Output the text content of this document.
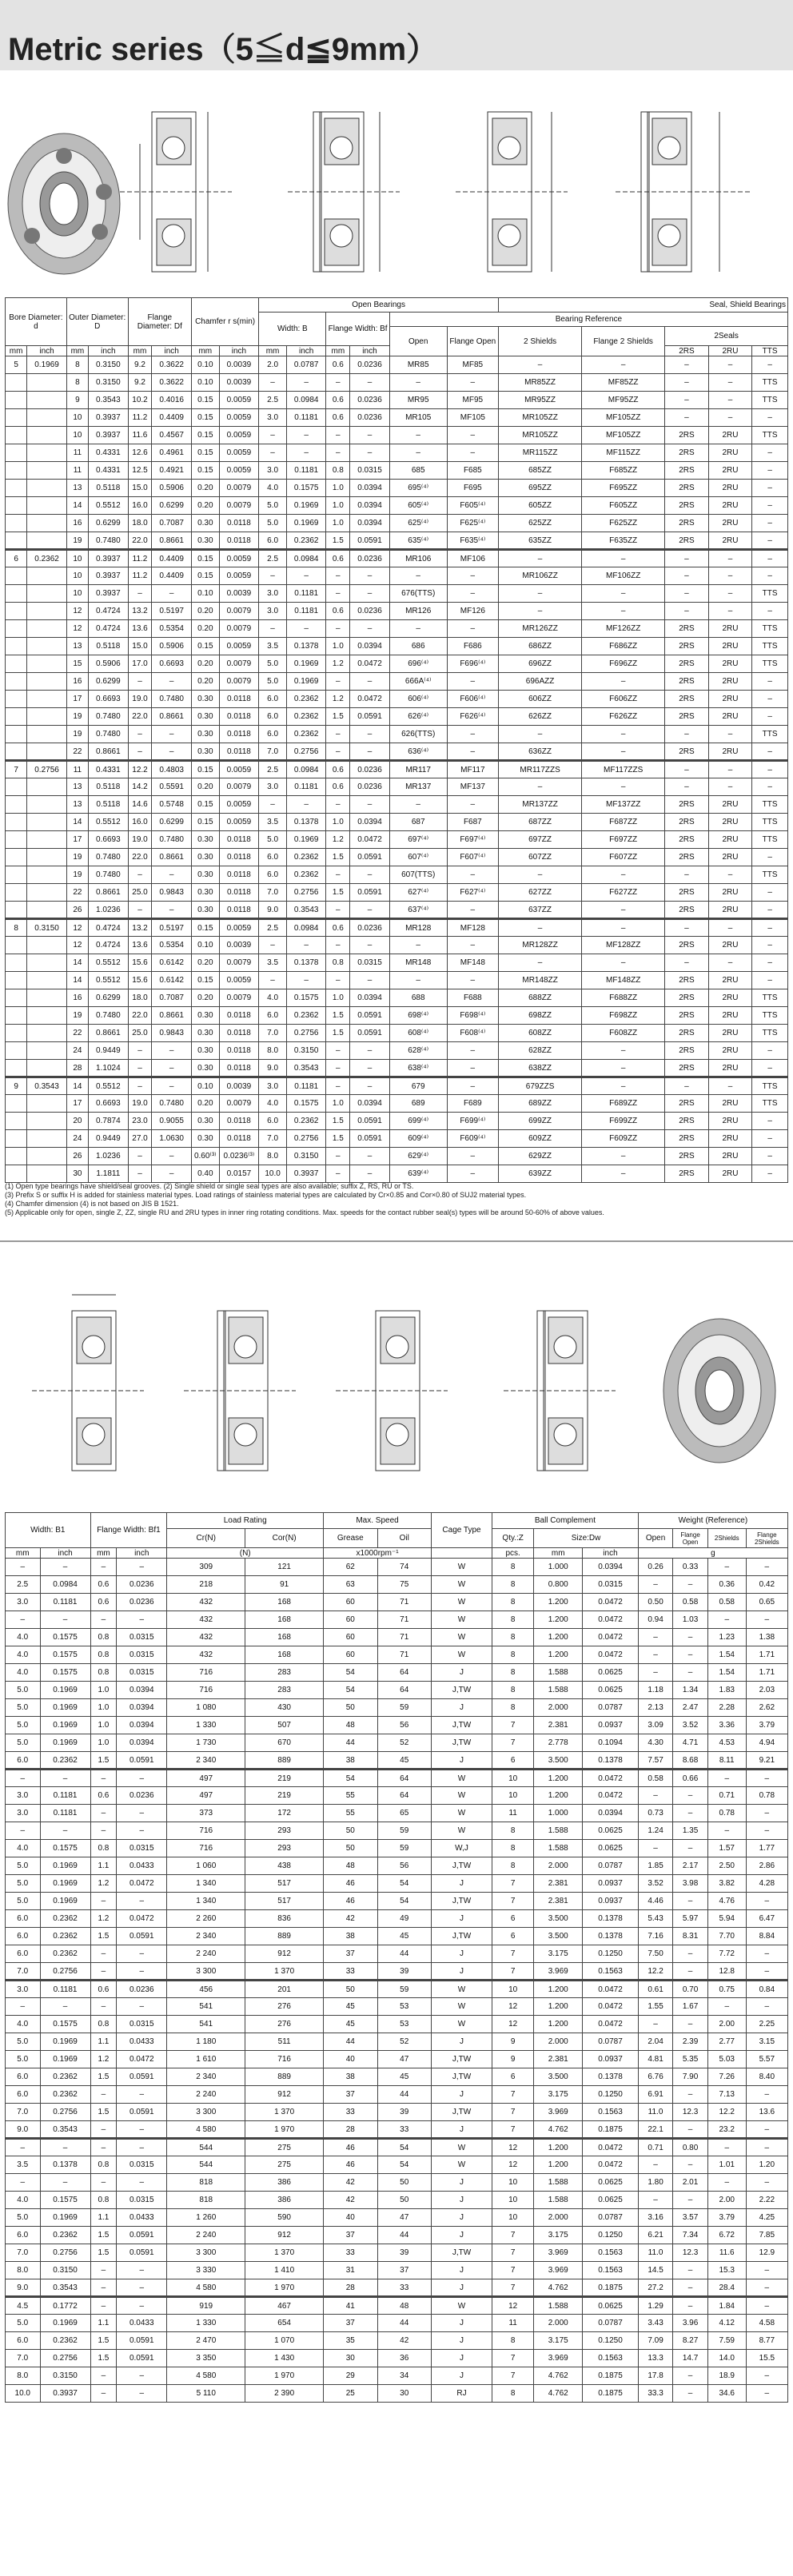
Metric series（5≦d≦9mm）
Bore Diameter: d		Outer Diameter: D		Flange Diameter: Df		Chamfer r s(min)		Open Bearings						Seal, Shield Bearings				
								Width: B		Flange Width: Bf		Bearing Reference						
												Open	Flange Open	2 Shields	Flange 2 Shields	2Seals		
mm	inch	mm	inch	mm	inch	mm	inch	mm	inch	mm	inch					2RS	2RU	TTS
5	0.1969	8	0.3150	9.2	0.3622	0.10	0.0039	2.0	0.0787	0.6	0.0236	MR85	MF85	–	–	–	–	–
		8	0.3150	9.2	0.3622	0.10	0.0039	–	–	–	–	–	–	MR85ZZ	MF85ZZ	–	–	TTS
		9	0.3543	10.2	0.4016	0.15	0.0059	2.5	0.0984	0.6	0.0236	MR95	MF95	MR95ZZ	MF95ZZ	–	–	TTS
		10	0.3937	11.2	0.4409	0.15	0.0059	3.0	0.1181	0.6	0.0236	MR105	MF105	MR105ZZ	MF105ZZ	–	–	–
		10	0.3937	11.6	0.4567	0.15	0.0059	–	–	–	–	–	–	MR105ZZ	MF105ZZ	2RS	2RU	TTS
		11	0.4331	12.6	0.4961	0.15	0.0059	–	–	–	–	–	–	MR115ZZ	MF115ZZ	2RS	2RU	–
		11	0.4331	12.5	0.4921	0.15	0.0059	3.0	0.1181	0.8	0.0315	685	F685	685ZZ	F685ZZ	2RS	2RU	–
		13	0.5118	15.0	0.5906	0.20	0.0079	4.0	0.1575	1.0	0.0394	695⁽⁴⁾	F695	695ZZ	F695ZZ	2RS	2RU	–
		14	0.5512	16.0	0.6299	0.20	0.0079	5.0	0.1969	1.0	0.0394	605⁽⁴⁾	F605⁽⁴⁾	605ZZ	F605ZZ	2RS	2RU	–
		16	0.6299	18.0	0.7087	0.30	0.0118	5.0	0.1969	1.0	0.0394	625⁽⁴⁾	F625⁽⁴⁾	625ZZ	F625ZZ	2RS	2RU	–
		19	0.7480	22.0	0.8661	0.30	0.0118	6.0	0.2362	1.5	0.0591	635⁽⁴⁾	F635⁽⁴⁾	635ZZ	F635ZZ	2RS	2RU	–
6	0.2362	10	0.3937	11.2	0.4409	0.15	0.0059	2.5	0.0984	0.6	0.0236	MR106	MF106	–	–	–	–	–
		10	0.3937	11.2	0.4409	0.15	0.0059	–	–	–	–	–	–	MR106ZZ	MF106ZZ	–	–	–
		10	0.3937	–	–	0.10	0.0039	3.0	0.1181	–	–	676(TTS)	–	–	–	–	–	TTS
		12	0.4724	13.2	0.5197	0.20	0.0079	3.0	0.1181	0.6	0.0236	MR126	MF126	–	–	–	–	–
		12	0.4724	13.6	0.5354	0.20	0.0079	–	–	–	–	–	–	MR126ZZ	MF126ZZ	2RS	2RU	TTS
		13	0.5118	15.0	0.5906	0.15	0.0059	3.5	0.1378	1.0	0.0394	686	F686	686ZZ	F686ZZ	2RS	2RU	TTS
		15	0.5906	17.0	0.6693	0.20	0.0079	5.0	0.1969	1.2	0.0472	696⁽⁴⁾	F696⁽⁴⁾	696ZZ	F696ZZ	2RS	2RU	TTS
		16	0.6299	–	–	0.20	0.0079	5.0	0.1969	–	–	666A⁽⁴⁾	–	696AZZ	–	2RS	2RU	–
		17	0.6693	19.0	0.7480	0.30	0.0118	6.0	0.2362	1.2	0.0472	606⁽⁴⁾	F606⁽⁴⁾	606ZZ	F606ZZ	2RS	2RU	–
		19	0.7480	22.0	0.8661	0.30	0.0118	6.0	0.2362	1.5	0.0591	626⁽⁴⁾	F626⁽⁴⁾	626ZZ	F626ZZ	2RS	2RU	–
		19	0.7480	–	–	0.30	0.0118	6.0	0.2362	–	–	626(TTS)	–	–	–	–	–	TTS
		22	0.8661	–	–	0.30	0.0118	7.0	0.2756	–	–	636⁽⁴⁾	–	636ZZ	–	2RS	2RU	–
7	0.2756	11	0.4331	12.2	0.4803	0.15	0.0059	2.5	0.0984	0.6	0.0236	MR117	MF117	MR117ZZS	MF117ZZS	–	–	–
		13	0.5118	14.2	0.5591	0.20	0.0079	3.0	0.1181	0.6	0.0236	MR137	MF137	–	–	–	–	–
		13	0.5118	14.6	0.5748	0.15	0.0059	–	–	–	–	–	–	MR137ZZ	MF137ZZ	2RS	2RU	TTS
		14	0.5512	16.0	0.6299	0.15	0.0059	3.5	0.1378	1.0	0.0394	687	F687	687ZZ	F687ZZ	2RS	2RU	TTS
		17	0.6693	19.0	0.7480	0.30	0.0118	5.0	0.1969	1.2	0.0472	697⁽⁴⁾	F697⁽⁴⁾	697ZZ	F697ZZ	2RS	2RU	TTS
		19	0.7480	22.0	0.8661	0.30	0.0118	6.0	0.2362	1.5	0.0591	607⁽⁴⁾	F607⁽⁴⁾	607ZZ	F607ZZ	2RS	2RU	–
		19	0.7480	–	–	0.30	0.0118	6.0	0.2362	–	–	607(TTS)	–	–	–	–	–	TTS
		22	0.8661	25.0	0.9843	0.30	0.0118	7.0	0.2756	1.5	0.0591	627⁽⁴⁾	F627⁽⁴⁾	627ZZ	F627ZZ	2RS	2RU	–
		26	1.0236	–	–	0.30	0.0118	9.0	0.3543	–	–	637⁽⁴⁾	–	637ZZ	–	2RS	2RU	–
8	0.3150	12	0.4724	13.2	0.5197	0.15	0.0059	2.5	0.0984	0.6	0.0236	MR128	MF128	–	–	–	–	–
		12	0.4724	13.6	0.5354	0.10	0.0039	–	–	–	–	–	–	MR128ZZ	MF128ZZ	2RS	2RU	–
		14	0.5512	15.6	0.6142	0.20	0.0079	3.5	0.1378	0.8	0.0315	MR148	MF148	–	–	–	–	–
		14	0.5512	15.6	0.6142	0.15	0.0059	–	–	–	–	–	–	MR148ZZ	MF148ZZ	2RS	2RU	–
		16	0.6299	18.0	0.7087	0.20	0.0079	4.0	0.1575	1.0	0.0394	688	F688	688ZZ	F688ZZ	2RS	2RU	TTS
		19	0.7480	22.0	0.8661	0.30	0.0118	6.0	0.2362	1.5	0.0591	698⁽⁴⁾	F698⁽⁴⁾	698ZZ	F698ZZ	2RS	2RU	TTS
		22	0.8661	25.0	0.9843	0.30	0.0118	7.0	0.2756	1.5	0.0591	608⁽⁴⁾	F608⁽⁴⁾	608ZZ	F608ZZ	2RS	2RU	TTS
		24	0.9449	–	–	0.30	0.0118	8.0	0.3150	–	–	628⁽⁴⁾	–	628ZZ	–	2RS	2RU	–
		28	1.1024	–	–	0.30	0.0118	9.0	0.3543	–	–	638⁽⁴⁾	–	638ZZ	–	2RS	2RU	–
9	0.3543	14	0.5512	–	–	0.10	0.0039	3.0	0.1181	–	–	679	–	679ZZS	–	–	–	TTS
		17	0.6693	19.0	0.7480	0.20	0.0079	4.0	0.1575	1.0	0.0394	689	F689	689ZZ	F689ZZ	2RS	2RU	TTS
		20	0.7874	23.0	0.9055	0.30	0.0118	6.0	0.2362	1.5	0.0591	699⁽⁴⁾	F699⁽⁴⁾	699ZZ	F699ZZ	2RS	2RU	–
		24	0.9449	27.0	1.0630	0.30	0.0118	7.0	0.2756	1.5	0.0591	609⁽⁴⁾	F609⁽⁴⁾	609ZZ	F609ZZ	2RS	2RU	–
		26	1.0236	–	–	0.60⁽³⁾	0.0236⁽³⁾	8.0	0.3150	–	–	629⁽⁴⁾	–	629ZZ	–	2RS	2RU	–
		30	1.1811	–	–	0.40	0.0157	10.0	0.3937	–	–	639⁽⁴⁾	–	639ZZ	–	2RS	2RU	–
(1) Open type bearings have shield/seal grooves. (2) Single shield or single seal types are also available; suffix Z, RS, RU or TS.
(3) Prefix S or suffix H is added for stainless material types. Load ratings of stainless material types are calculated by Cr×0.85 and Cor×0.80 of SUJ2 material types.
(4) Chamfer dimension (4) is not based on JIS B 1521.
(5) Applicable only for open, single Z, ZZ, single RU and 2RU types in inner ring rotating conditions. Max. speeds for the contact rubber seal(s) types will be around 50-60% of above values.
Width: B1		Flange Width: Bf1		Load Rating		Max. Speed		Cage Type	Ball Complement			Weight (Reference)			
				Cr(N)	Cor(N)	Grease	Oil		Qty.:Z	Size:Dw		Open	Flange Open	2Shields	Flange 2Shields
mm	inch	mm	inch	(N)		x1000rpm⁻¹			pcs.	mm	inch	g			
–	–	–	–	309	121	62	74	W	8	1.000	0.0394	0.26	0.33	–	–
2.5	0.0984	0.6	0.0236	218	91	63	75	W	8	0.800	0.0315	–	–	0.36	0.42
3.0	0.1181	0.6	0.0236	432	168	60	71	W	8	1.200	0.0472	0.50	0.58	0.58	0.65
–	–	–	–	432	168	60	71	W	8	1.200	0.0472	0.94	1.03	–	–
4.0	0.1575	0.8	0.0315	432	168	60	71	W	8	1.200	0.0472	–	–	1.23	1.38
4.0	0.1575	0.8	0.0315	432	168	60	71	W	8	1.200	0.0472	–	–	1.54	1.71
4.0	0.1575	0.8	0.0315	716	283	54	64	J	8	1.588	0.0625	–	–	1.54	1.71
5.0	0.1969	1.0	0.0394	716	283	54	64	J,TW	8	1.588	0.0625	1.18	1.34	1.83	2.03
5.0	0.1969	1.0	0.0394	1 080	430	50	59	J	8	2.000	0.0787	2.13	2.47	2.28	2.62
5.0	0.1969	1.0	0.0394	1 330	507	48	56	J,TW	7	2.381	0.0937	3.09	3.52	3.36	3.79
5.0	0.1969	1.0	0.0394	1 730	670	44	52	J,TW	7	2.778	0.1094	4.30	4.71	4.53	4.94
6.0	0.2362	1.5	0.0591	2 340	889	38	45	J	6	3.500	0.1378	7.57	8.68	8.11	9.21
–	–	–	–	497	219	54	64	W	10	1.200	0.0472	0.58	0.66	–	–
3.0	0.1181	0.6	0.0236	497	219	55	64	W	10	1.200	0.0472	–	–	0.71	0.78
3.0	0.1181	–	–	373	172	55	65	W	11	1.000	0.0394	0.73	–	0.78	–
–	–	–	–	716	293	50	59	W	8	1.588	0.0625	1.24	1.35	–	–
4.0	0.1575	0.8	0.0315	716	293	50	59	W,J	8	1.588	0.0625	–	–	1.57	1.77
5.0	0.1969	1.1	0.0433	1 060	438	48	56	J,TW	8	2.000	0.0787	1.85	2.17	2.50	2.86
5.0	0.1969	1.2	0.0472	1 340	517	46	54	J	7	2.381	0.0937	3.52	3.98	3.82	4.28
5.0	0.1969	–	–	1 340	517	46	54	J,TW	7	2.381	0.0937	4.46	–	4.76	–
6.0	0.2362	1.2	0.0472	2 260	836	42	49	J	6	3.500	0.1378	5.43	5.97	5.94	6.47
6.0	0.2362	1.5	0.0591	2 340	889	38	45	J,TW	6	3.500	0.1378	7.16	8.31	7.70	8.84
6.0	0.2362	–	–	2 240	912	37	44	J	7	3.175	0.1250	7.50	–	7.72	–
7.0	0.2756	–	–	3 300	1 370	33	39	J	7	3.969	0.1563	12.2	–	12.8	–
3.0	0.1181	0.6	0.0236	456	201	50	59	W	10	1.200	0.0472	0.61	0.70	0.75	0.84
–	–	–	–	541	276	45	53	W	12	1.200	0.0472	1.55	1.67	–	–
4.0	0.1575	0.8	0.0315	541	276	45	53	W	12	1.200	0.0472	–	–	2.00	2.25
5.0	0.1969	1.1	0.0433	1 180	511	44	52	J	9	2.000	0.0787	2.04	2.39	2.77	3.15
5.0	0.1969	1.2	0.0472	1 610	716	40	47	J,TW	9	2.381	0.0937	4.81	5.35	5.03	5.57
6.0	0.2362	1.5	0.0591	2 340	889	38	45	J,TW	6	3.500	0.1378	6.76	7.90	7.26	8.40
6.0	0.2362	–	–	2 240	912	37	44	J	7	3.175	0.1250	6.91	–	7.13	–
7.0	0.2756	1.5	0.0591	3 300	1 370	33	39	J,TW	7	3.969	0.1563	11.0	12.3	12.2	13.6
9.0	0.3543	–	–	4 580	1 970	28	33	J	7	4.762	0.1875	22.1	–	23.2	–
–	–	–	–	544	275	46	54	W	12	1.200	0.0472	0.71	0.80	–	–
3.5	0.1378	0.8	0.0315	544	275	46	54	W	12	1.200	0.0472	–	–	1.01	1.20
–	–	–	–	818	386	42	50	J	10	1.588	0.0625	1.80	2.01	–	–
4.0	0.1575	0.8	0.0315	818	386	42	50	J	10	1.588	0.0625	–	–	2.00	2.22
5.0	0.1969	1.1	0.0433	1 260	590	40	47	J	10	2.000	0.0787	3.16	3.57	3.79	4.25
6.0	0.2362	1.5	0.0591	2 240	912	37	44	J	7	3.175	0.1250	6.21	7.34	6.72	7.85
7.0	0.2756	1.5	0.0591	3 300	1 370	33	39	J,TW	7	3.969	0.1563	11.0	12.3	11.6	12.9
8.0	0.3150	–	–	3 330	1 410	31	37	J	7	3.969	0.1563	14.5	–	15.3	–
9.0	0.3543	–	–	4 580	1 970	28	33	J	7	4.762	0.1875	27.2	–	28.4	–
4.5	0.1772	–	–	919	467	41	48	W	12	1.588	0.0625	1.29	–	1.84	–
5.0	0.1969	1.1	0.0433	1 330	654	37	44	J	11	2.000	0.0787	3.43	3.96	4.12	4.58
6.0	0.2362	1.5	0.0591	2 470	1 070	35	42	J	8	3.175	0.1250	7.09	8.27	7.59	8.77
7.0	0.2756	1.5	0.0591	3 350	1 430	30	36	J	7	3.969	0.1563	13.3	14.7	14.0	15.5
8.0	0.3150	–	–	4 580	1 970	29	34	J	7	4.762	0.1875	17.8	–	18.9	–
10.0	0.3937	–	–	5 110	2 390	25	30	RJ	8	4.762	0.1875	33.3	–	34.6	–
